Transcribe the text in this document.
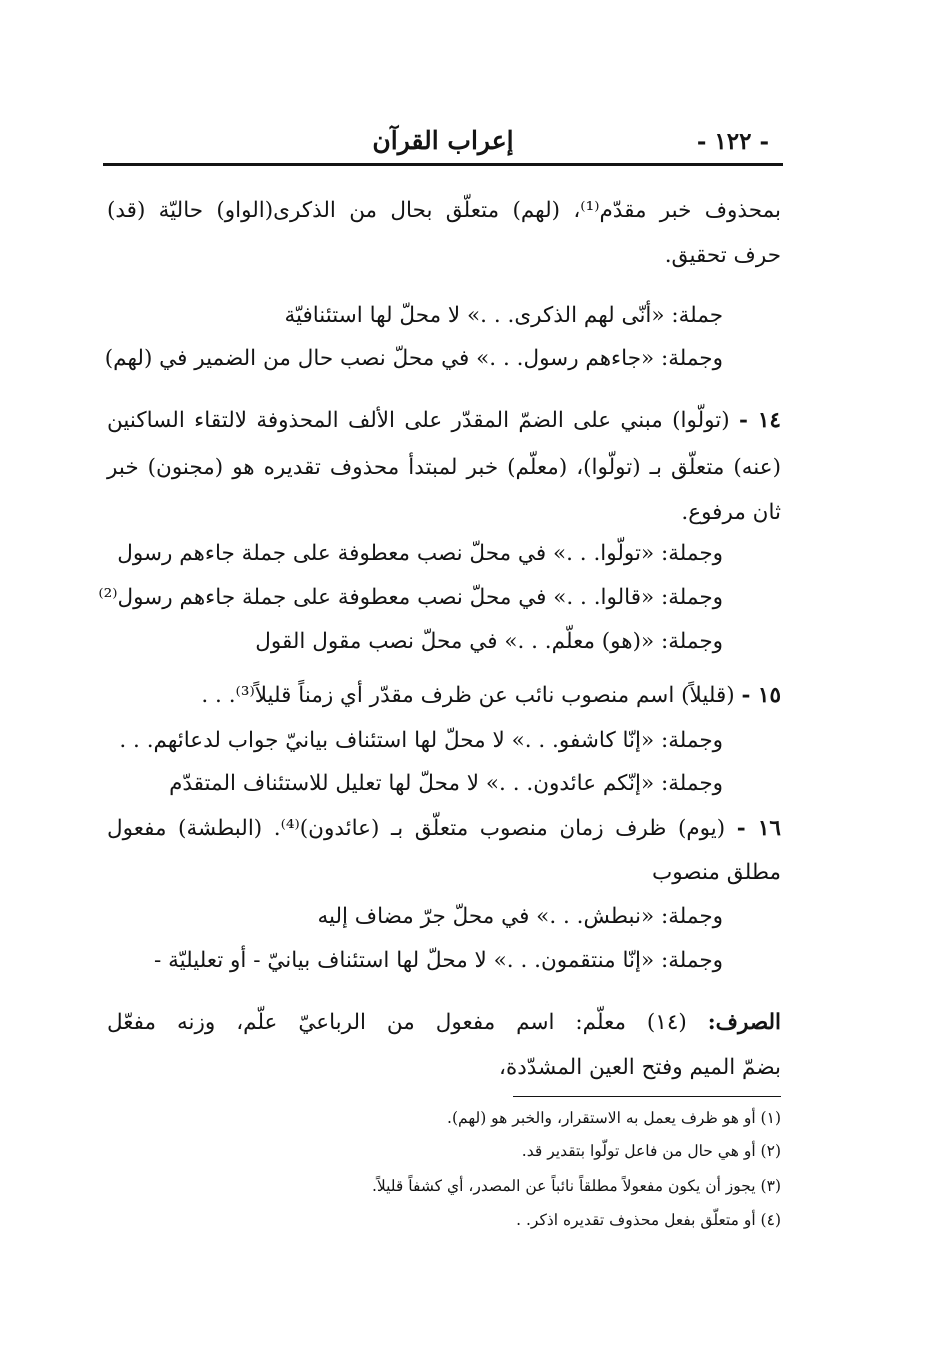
- ١٢٢ -
إعراب القرآن
بمحذوف خبر مقدّم⁽¹⁾، (لهم) متعلّق بحال من الذكرى(الواو) حاليّة (قد)
حرف تحقيق.
جملة: «أنّى لهم الذكرى. . .» لا محلّ لها استئنافيّة
وجملة: «جاءهم رسول. . .» في محلّ نصب حال من الضمير في (لهم)
١٤ - (تولّوا) مبني على الضمّ المقدّر على الألف المحذوفة لالتقاء الساكنين
(عنه) متعلّق بـ (تولّوا)، (معلّم) خبر لمبتدأ محذوف تقديره هو (مجنون) خبر
ثان مرفوع.
وجملة: «تولّوا. . .» في محلّ نصب معطوفة على جملة جاءهم رسول
وجملة: «قالوا. . .» في محلّ نصب معطوفة على جملة جاءهم رسول⁽²⁾
وجملة: «(هو) معلّم. . .» في محلّ نصب مقول القول
١٥ - (قليلاً) اسم منصوب نائب عن ظرف مقدّر أي زمناً قليلاً⁽³⁾. . .
وجملة: «إنّا كاشفو. . .» لا محلّ لها استئناف بيانيّ جواب لدعائهم. . .
وجملة: «إنّكم عائدون. . .» لا محلّ لها تعليل للاستئناف المتقدّم
١٦ - (يوم) ظرف زمان منصوب متعلّق بـ (عائدون)⁽⁴⁾. (البطشة) مفعول
مطلق منصوب
وجملة: «نبطش. . .» في محلّ جرّ مضاف إليه
وجملة: «إنّا منتقمون. . .» لا محلّ لها استئناف بيانيّ - أو تعليليّة -
الصرف: (١٤) معلّم: اسم مفعول من الرباعيّ علّم، وزنه مفعّل
بضمّ الميم وفتح العين المشدّدة،
(١) أو هو ظرف يعمل به الاستقرار، والخبر هو (لهم).
(٢) أو هي حال من فاعل تولّوا بتقدير قد.
(٣) يجوز أن يكون مفعولاً مطلقاً نائباً عن المصدر، أي كشفاً قليلاً.
(٤) أو متعلّق بفعل محذوف تقديره اذكر. .
